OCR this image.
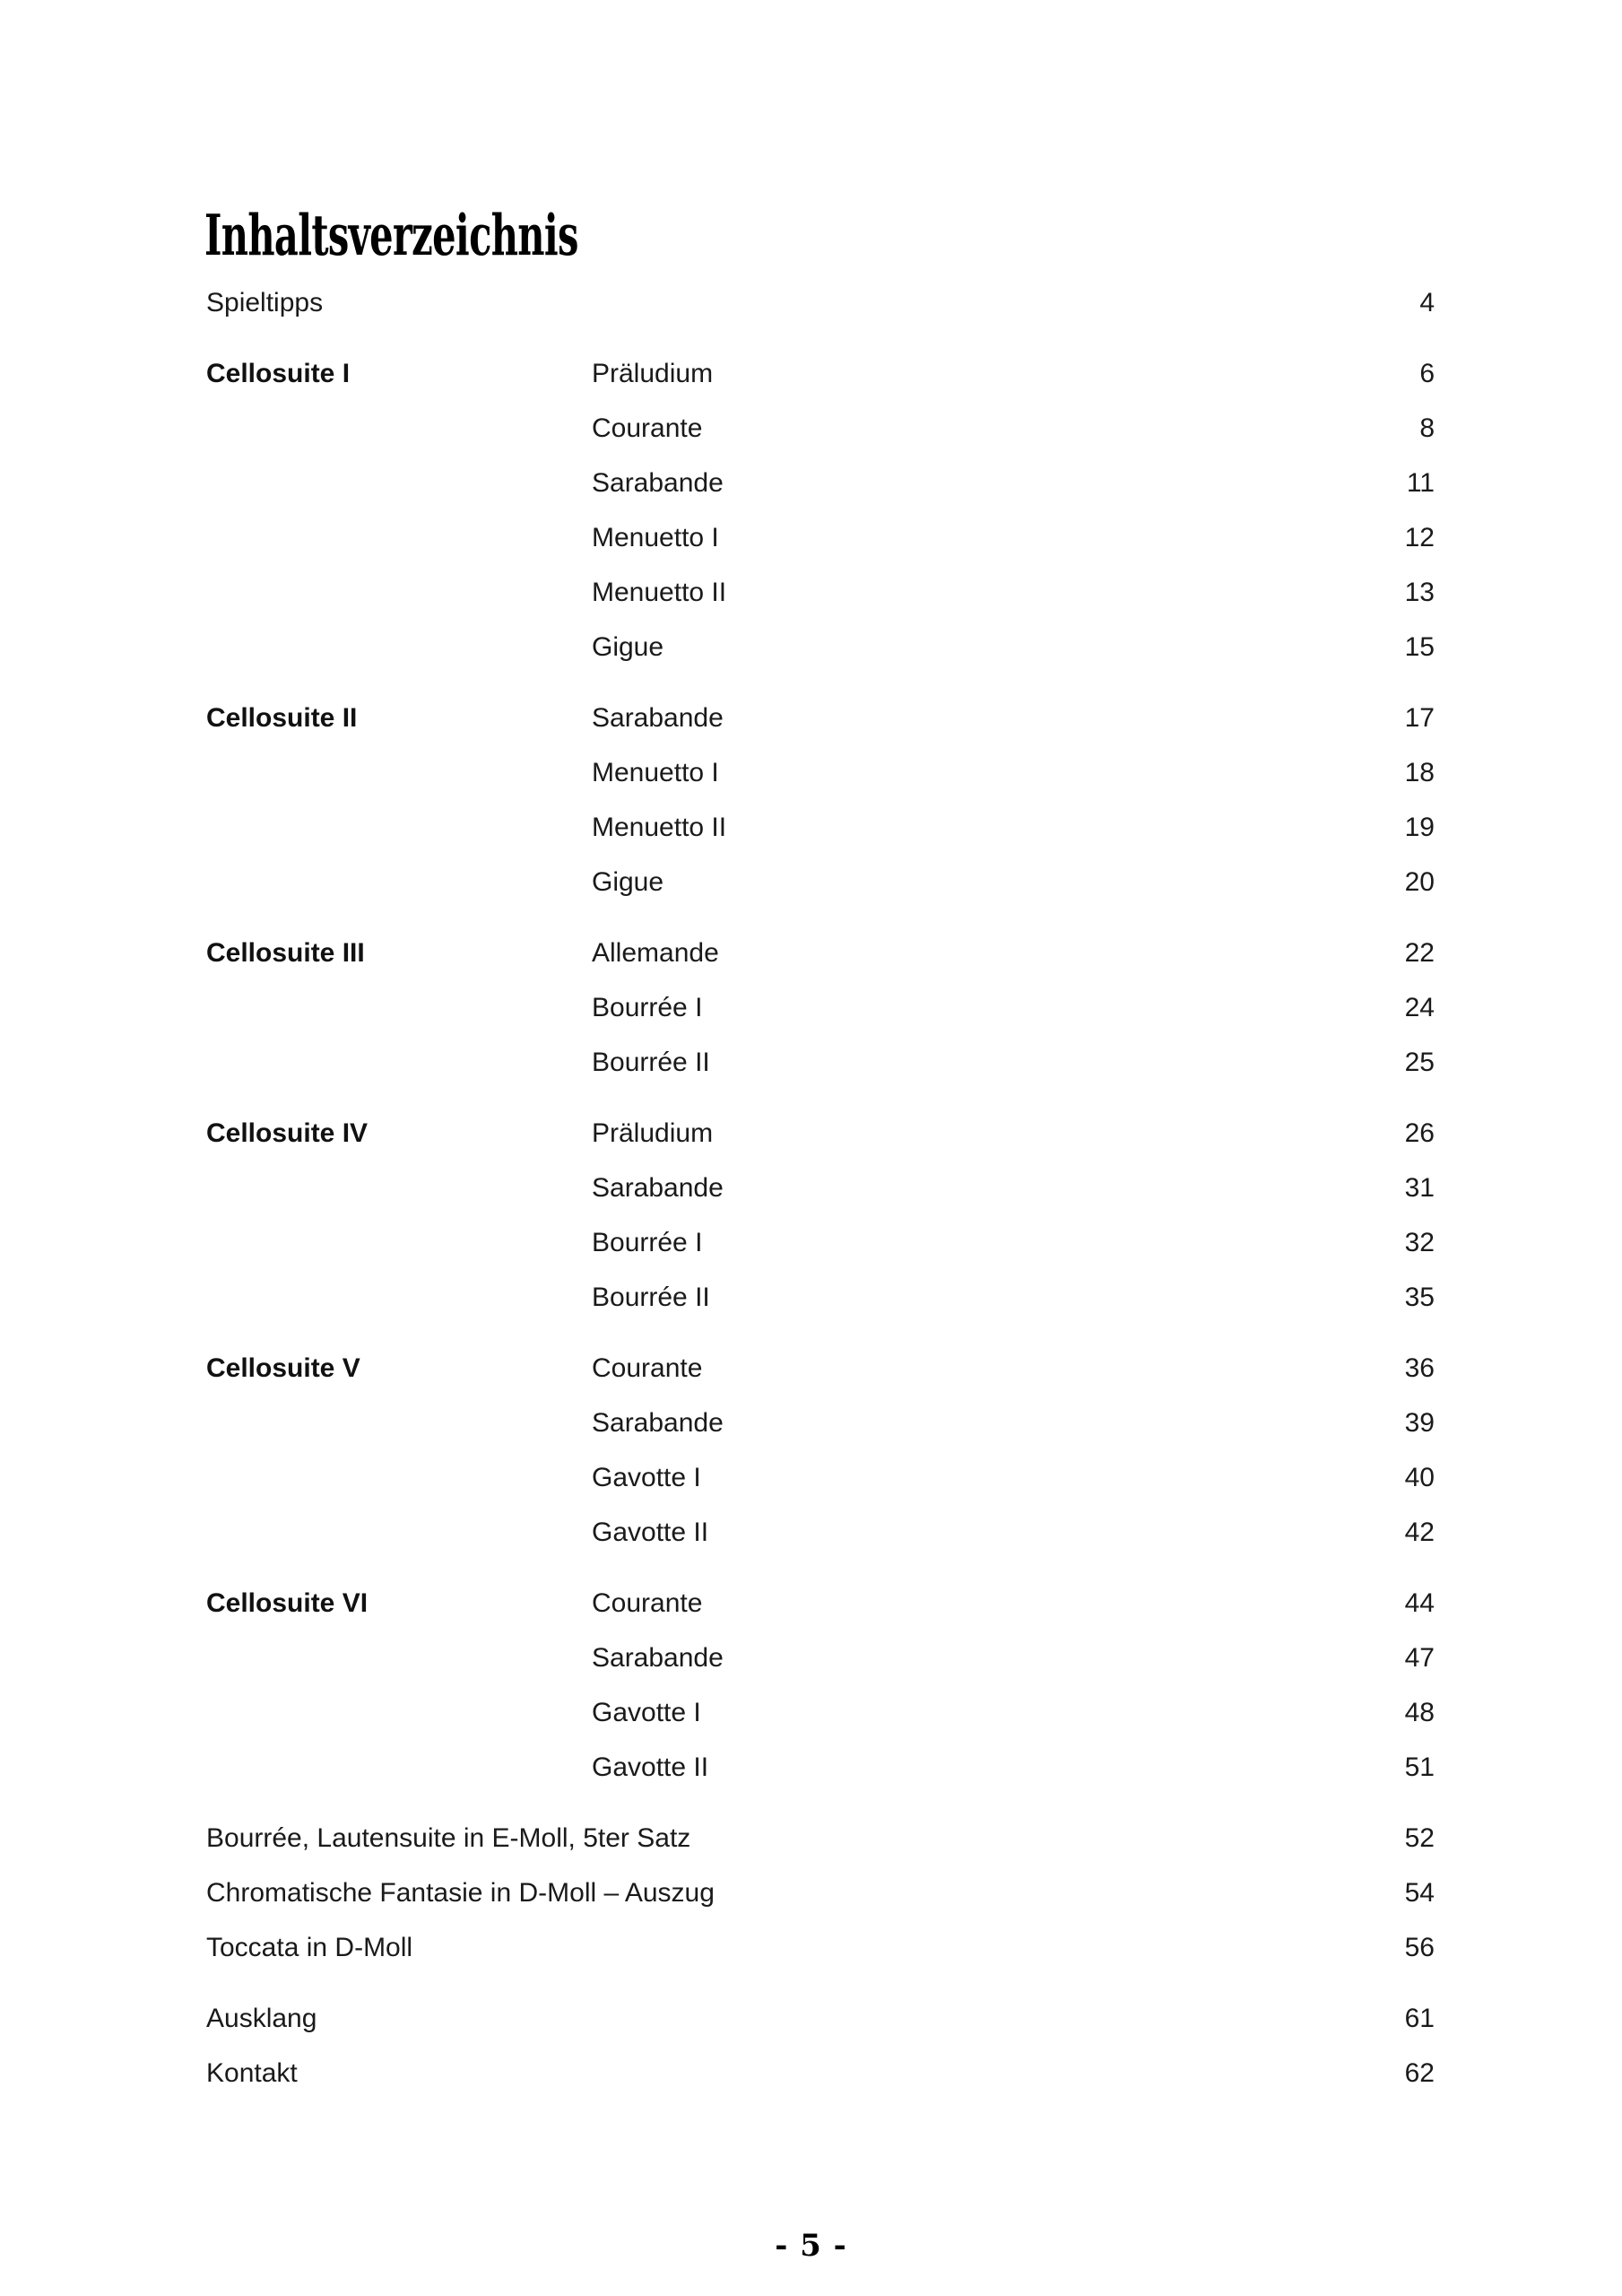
Inhaltsverzeichnis
Spieltipps	4
Cellosuite I	Präludium	6
Courante	8
Sarabande	11
Menuetto I	12
Menuetto II	13
Gigue	15
Cellosuite II	Sarabande	17
Menuetto I	18
Menuetto II	19
Gigue	20
Cellosuite III	Allemande	22
Bourrée I	24
Bourrée II	25
Cellosuite IV	Präludium	26
Sarabande	31
Bourrée I	32
Bourrée II	35
Cellosuite V	Courante	36
Sarabande	39
Gavotte I	40
Gavotte II	42
Cellosuite VI	Courante	44
Sarabande	47
Gavotte I	48
Gavotte II	51
Bourrée, Lautensuite in E-Moll, 5ter Satz	52
Chromatische Fantasie in D-Moll – Auszug	54
Toccata in D-Moll	56
Ausklang	61
Kontakt	62
- 5 -
